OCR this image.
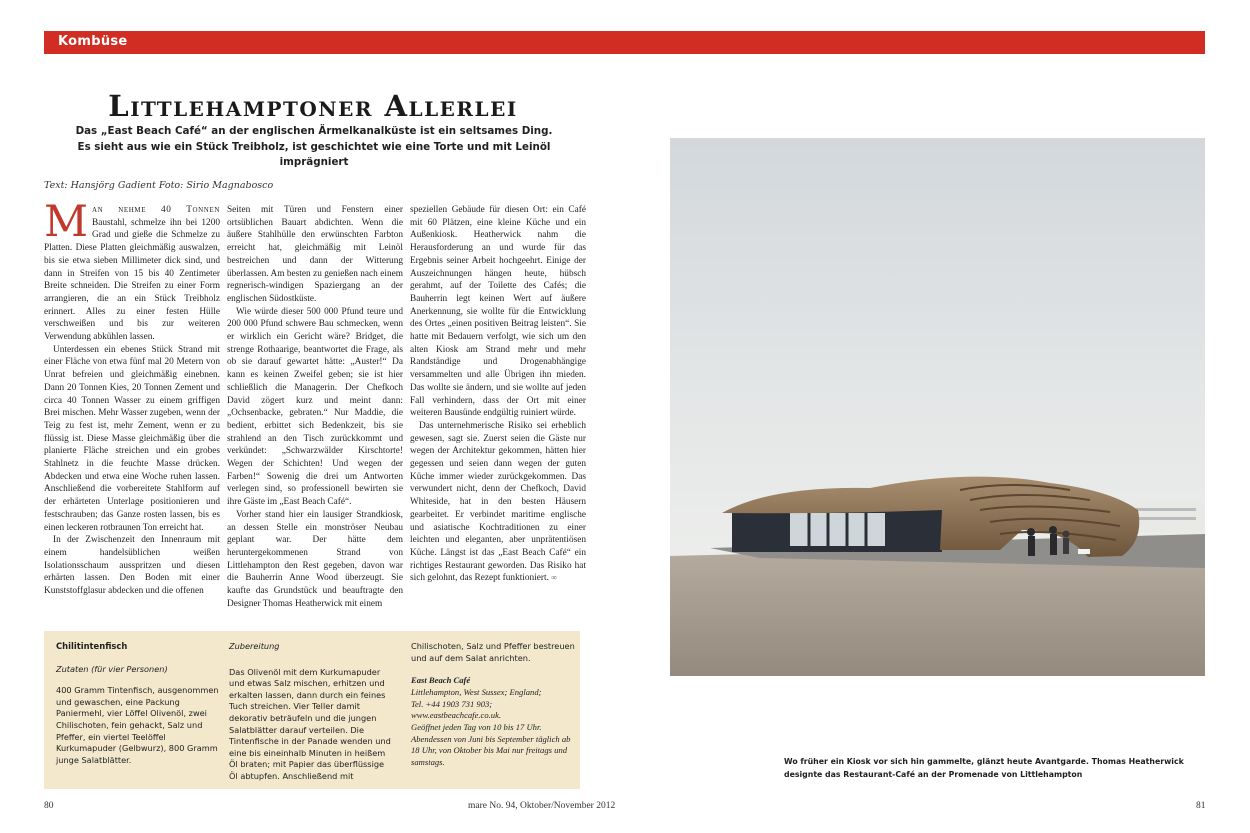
Kombüse
Littlehamptoner Allerlei
Das „East Beach Café“ an der englischen Ärmelkanalküste ist ein seltsames Ding.
Es sieht aus wie ein Stück Treibholz, ist geschichtet wie eine Torte und mit Leinöl imprägniert
Text: Hansjörg Gadient Foto: Sirio Magnabosco

Man nehme 40 Tonnen Baustahl, schmelze ihn bei 1200 Grad und gieße die Schmelze zu Platten. Diese Platten gleichmäßig auswalzen, bis sie etwa sieben Millimeter dick sind, und dann in Streifen von 15 bis 40 Zentimeter Breite schneiden. Die Streifen zu einer Form arrangieren, die an ein Stück Treibholz erinnert. Alles zu einer festen Hülle verschweißen und bis zur weiteren Verwendung abkühlen lassen.

Unterdessen ein ebenes Stück Strand mit einer Fläche von etwa fünf mal 20 Metern von Unrat befreien und gleichmäßig einebnen. Dann 20 Tonnen Kies, 20 Tonnen Zement und circa 40 Tonnen Wasser zu einem griffigen Brei mischen. Mehr Wasser zugeben, wenn der Teig zu fest ist, mehr Zement, wenn er zu flüssig ist. Diese Masse gleichmäßig über die planierte Fläche streichen und ein grobes Stahlnetz in die feuchte Masse drücken. Abdecken und etwa eine Woche ruhen lassen. Anschließend die vorbereitete Stahlform auf der erhärteten Unterlage positionieren und festschrauben; das Ganze rosten lassen, bis es einen leckeren rotbraunen Ton erreicht hat.

In der Zwischenzeit den Innenraum mit einem handelsüblichen weißen Isolationsschaum ausspritzen und diesen erhärten lassen. Den Boden mit einer Kunststoffglasur abdecken und die offenen

Seiten mit Türen und Fenstern einer ortsüblichen Bauart abdichten. Wenn die äußere Stahlhülle den erwünschten Farbton erreicht hat, gleichmäßig mit Leinöl bestreichen und dann der Witterung überlassen. Am besten zu genießen nach einem regnerisch-windigen Spaziergang an der englischen Südostküste.

Wie würde dieser 500 000 Pfund teure und 200 000 Pfund schwere Bau schmecken, wenn er wirklich ein Gericht wäre? Bridget, die strenge Rothaarige, beantwortet die Frage, als ob sie darauf gewartet hätte: „Auster!“ Da kann es keinen Zweifel geben; sie ist hier schließlich die Managerin. Der Chefkoch David zögert kurz und meint dann: „Ochsenbacke, gebraten.“ Nur Maddie, die bedient, erbittet sich Bedenkzeit, bis sie strahlend an den Tisch zurückkommt und verkündet: „Schwarzwälder Kirschtorte! Wegen der Schichten! Und wegen der Farben!“ Sowenig die drei um Antworten verlegen sind, so professionell bewirten sie ihre Gäste im „East Beach Café“.

Vorher stand hier ein lausiger Strandkiosk, an dessen Stelle ein monströser Neubau geplant war. Der hätte dem heruntergekommenen Strand von Littlehampton den Rest gegeben, davon war die Bauherrin Anne Wood überzeugt. Sie kaufte das Grundstück und beauftragte den Designer Thomas Heatherwick mit einem

speziellen Gebäude für diesen Ort: ein Café mit 60 Plätzen, eine kleine Küche und ein Außenkiosk. Heatherwick nahm die Herausforderung an und wurde für das Ergebnis seiner Arbeit hochgeehrt. Einige der Auszeichnungen hängen heute, hübsch gerahmt, auf der Toilette des Cafés; die Bauherrin legt keinen Wert auf äußere Anerkennung, sie wollte für die Entwicklung des Ortes „einen positiven Beitrag leisten“. Sie hatte mit Bedauern verfolgt, wie sich um den alten Kiosk am Strand mehr und mehr Randständige und Drogenabhängige versammelten und alle Übrigen ihn mieden. Das wollte sie ändern, und sie wollte auf jeden Fall verhindern, dass der Ort mit einer weiteren Bausünde endgültig ruiniert würde.

Das unternehmerische Risiko sei erheblich gewesen, sagt sie. Zuerst seien die Gäste nur wegen der Architektur gekommen, hätten hier gegessen und seien dann wegen der guten Küche immer wieder zurückgekommen. Das verwundert nicht, denn der Chefkoch, David Whiteside, hat in den besten Häusern gearbeitet. Er verbindet maritime englische und asiatische Kochtraditionen zu einer leichten und eleganten, aber unprätentiösen Küche. Längst ist das „East Beach Café“ ein richtiges Restaurant geworden. Das Risiko hat sich gelohnt, das Rezept funktioniert. ∞

Chilitintenfisch
Zutaten (für vier Personen)

400 Gramm Tintenfisch, ausgenommen und gewaschen, eine Packung Paniermehl, vier Löffel Olivenöl, zwei Chilischoten, fein gehackt, Salz und Pfeffer, ein viertel Teelöffel Kurkumapuder (Gelbwurz), 800 Gramm junge Salatblätter.

Zubereitung

Das Olivenöl mit dem Kurkumapuder und etwas Salz mischen, erhitzen und erkalten lassen, dann durch ein feines Tuch streichen. Vier Teller damit dekorativ beträufeln und die jungen Salatblätter darauf verteilen. Die Tintenfische in der Panade wenden und eine bis eineinhalb Minuten in heißem Öl braten; mit Papier das überflüssige Öl abtupfen. Anschließend mit

Chilischoten, Salz und Pfeffer bestreuen und auf dem Salat anrichten.

East Beach Café
Littlehampton, West Sussex; England;
Tel. +44 1903 731 903;
www.eastbeachcafe.co.uk.
Geöffnet jeden Tag von 10 bis 17 Uhr.
Abendessen von Juni bis September täglich ab 18 Uhr, von Oktober bis Mai nur freitags und samstags.	Wo früher ein Kiosk vor sich hin gammelte, glänzt heute Avantgarde. Thomas Heatherwick
designte das Restaurant-Café an der Promenade von Littlehampton
80	mare No. 94, Oktober/November 2012	81
